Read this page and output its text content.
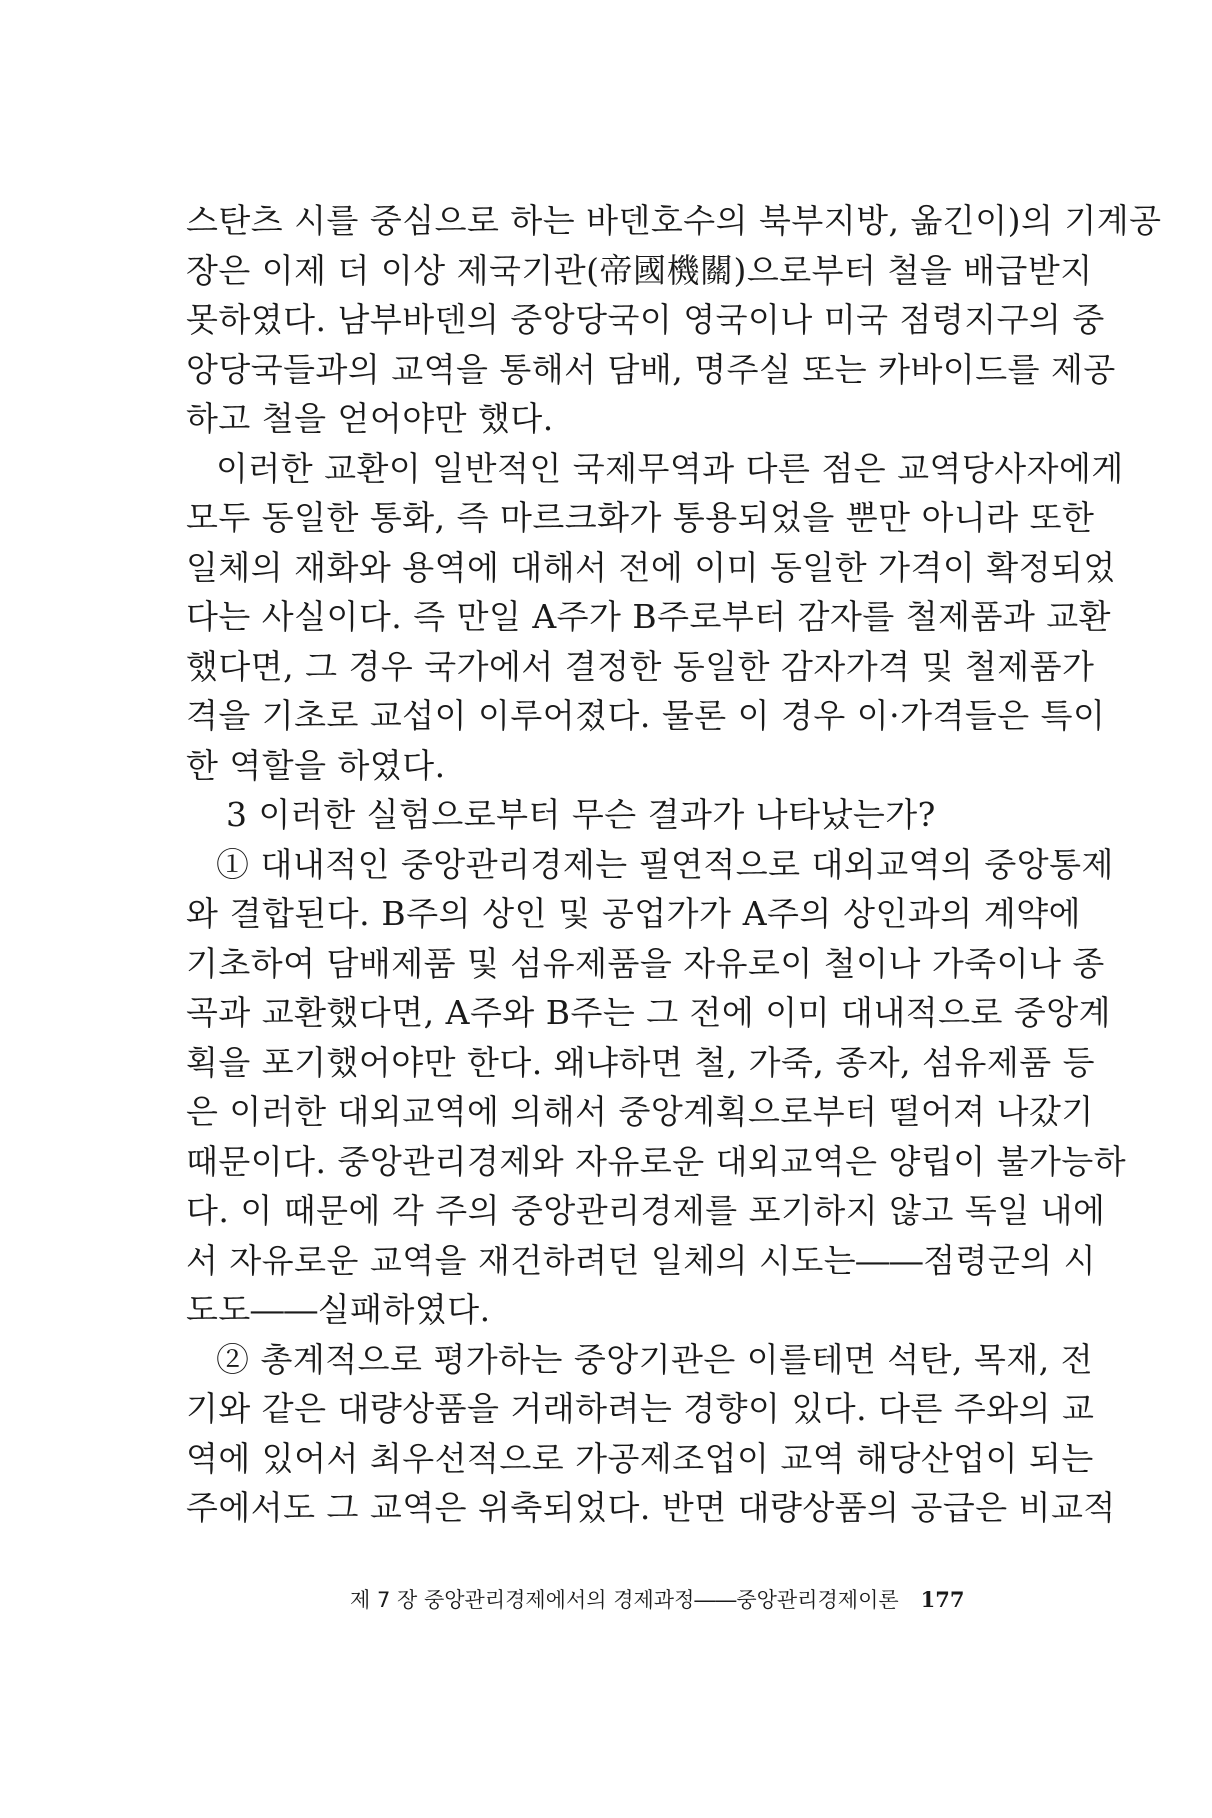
스탄츠 시를 중심으로 하는 바덴호수의 북부지방, 옮긴이)의 기계공
장은 이제 더 이상 제국기관(帝國機關)으로부터 철을 배급받지
못하였다. 남부바덴의 중앙당국이 영국이나 미국 점령지구의 중
앙당국들과의 교역을 통해서 담배, 명주실 또는 카바이드를 제공
하고 철을 얻어야만 했다.
이러한 교환이 일반적인 국제무역과 다른 점은 교역당사자에게
모두 동일한 통화, 즉 마르크화가 통용되었을 뿐만 아니라 또한
일체의 재화와 용역에 대해서 전에 이미 동일한 가격이 확정되었
다는 사실이다. 즉 만일 A주가 B주로부터 감자를 철제품과 교환
했다면, 그 경우 국가에서 결정한 동일한 감자가격 및 철제품가
격을 기초로 교섭이 이루어졌다. 물론 이 경우 이·가격들은 특이
한 역할을 하였다.
3 이러한 실험으로부터 무슨 결과가 나타났는가?
① 대내적인 중앙관리경제는 필연적으로 대외교역의 중앙통제
와 결합된다. B주의 상인 및 공업가가 A주의 상인과의 계약에
기초하여 담배제품 및 섬유제품을 자유로이 철이나 가죽이나 종
곡과 교환했다면, A주와 B주는 그 전에 이미 대내적으로 중앙계
획을 포기했어야만 한다. 왜냐하면 철, 가죽, 종자, 섬유제품 등
은 이러한 대외교역에 의해서 중앙계획으로부터 떨어져 나갔기
때문이다. 중앙관리경제와 자유로운 대외교역은 양립이 불가능하
다. 이 때문에 각 주의 중앙관리경제를 포기하지 않고 독일 내에
서 자유로운 교역을 재건하려던 일체의 시도는――점령군의 시
도도――실패하였다.
② 총계적으로 평가하는 중앙기관은 이를테면 석탄, 목재, 전
기와 같은 대량상품을 거래하려는 경향이 있다. 다른 주와의 교
역에 있어서 최우선적으로 가공제조업이 교역 해당산업이 되는
주에서도 그 교역은 위축되었다. 반면 대량상품의 공급은 비교적
제 7 장 중앙관리경제에서의 경제과정――중앙관리경제이론 177
